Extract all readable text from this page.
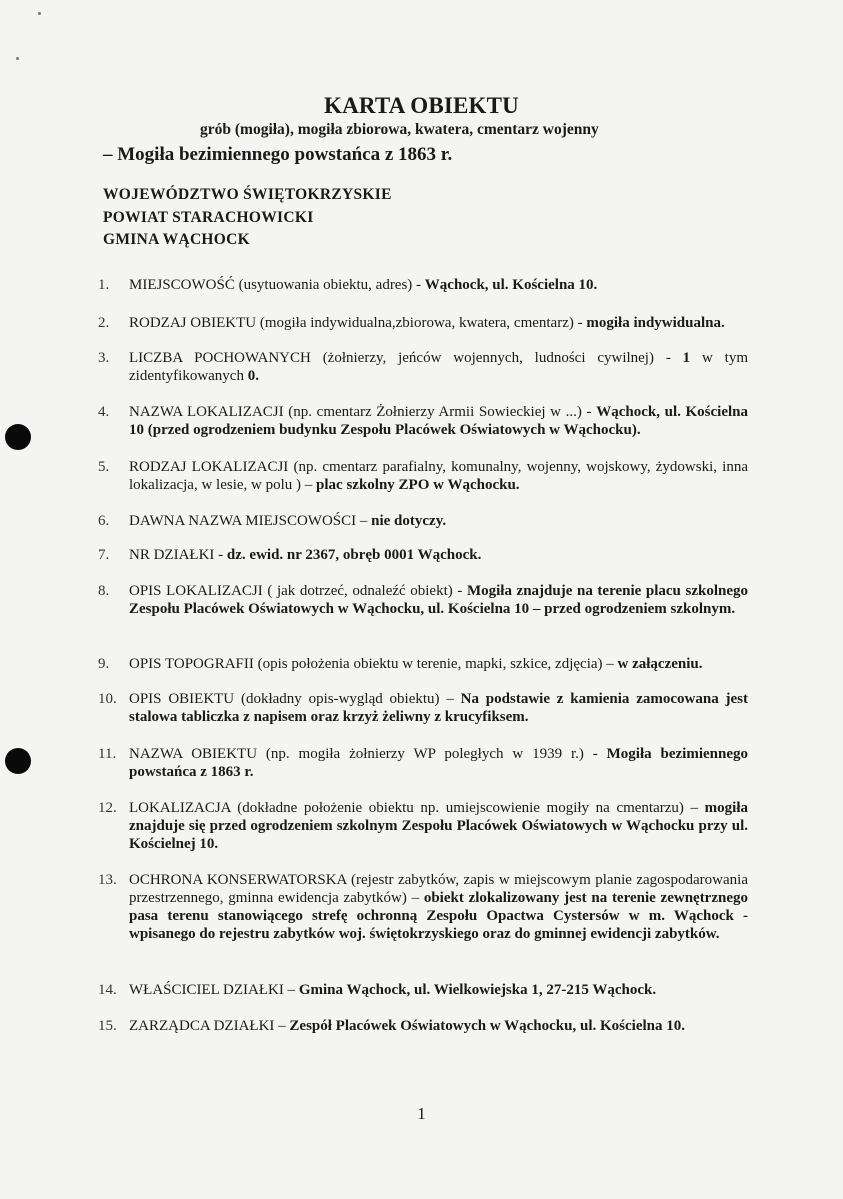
KARTA OBIEKTU
grób (mogiła), mogiła zbiorowa, kwatera, cmentarz wojenny
– Mogiła bezimiennego powstańca z 1863 r.
WOJEWÓDZTWO ŚWIĘTOKRZYSKIE
POWIAT STARACHOWICKI
GMINA WĄCHOCK
1.	MIEJSCOWOŚĆ (usytuowania obiektu, adres) - Wąchock, ul. Kościelna 10.
2.	RODZAJ OBIEKTU (mogiła indywidualna,zbiorowa, kwatera, cmentarz) - mogiła indywidualna.
3.	LICZBA POCHOWANYCH (żołnierzy, jeńców wojennych, ludności cywilnej) - 1 w tym zidentyfikowanych 0.
4.	NAZWA LOKALIZACJI (np. cmentarz Żołnierzy Armii Sowieckiej w ...) - Wąchock, ul. Kościelna 10 (przed ogrodzeniem budynku Zespołu Placówek Oświatowych w Wąchocku).
5.	RODZAJ LOKALIZACJI (np. cmentarz parafialny, komunalny, wojenny, wojskowy, żydowski, inna lokalizacja, w lesie, w polu ) – plac szkolny ZPO w Wąchocku.
6.	DAWNA NAZWA MIEJSCOWOŚCI – nie dotyczy.
7.	NR DZIAŁKI - dz. ewid. nr 2367, obręb 0001 Wąchock.
8.	OPIS LOKALIZACJI ( jak dotrzeć, odnaleźć obiekt) - Mogiła znajduje na terenie placu szkolnego Zespołu Placówek Oświatowych w Wąchocku, ul. Kościelna 10 – przed ogrodzeniem szkolnym.
9.	OPIS TOPOGRAFII (opis położenia obiektu w terenie, mapki, szkice, zdjęcia) – w załączeniu.
10. OPIS OBIEKTU (dokładny opis-wygląd obiektu) – Na podstawie z kamienia zamocowana jest stalowa tabliczka z napisem oraz krzyż żeliwny z krucyfiksem.
11. NAZWA OBIEKTU (np. mogiła żołnierzy WP poległych w 1939 r.) - Mogiła bezimiennego powstańca z 1863 r.
12. LOKALIZACJA (dokładne położenie obiektu np. umiejscowienie mogiły na cmentarzu) – mogiła znajduje się przed ogrodzeniem szkolnym Zespołu Placówek Oświatowych w Wąchocku przy ul. Kościelnej 10.
13. OCHRONA KONSERWATORSKA (rejestr zabytków, zapis w miejscowym planie zagospodarowania przestrzennego, gminna ewidencja zabytków) – obiekt zlokalizowany jest na terenie zewnętrznego pasa terenu stanowiącego strefę ochronną Zespołu Opactwa Cystersów w m. Wąchock - wpisanego do rejestru zabytków woj. świętokrzyskiego oraz do gminnej ewidencji zabytków.
14. WŁAŚCICIEL DZIAŁKI – Gmina Wąchock, ul. Wielkowiejska 1, 27-215 Wąchock.
15. ZARZĄDCA DZIAŁKI – Zespół Placówek Oświatowych w Wąchocku, ul. Kościelna 10.
1
